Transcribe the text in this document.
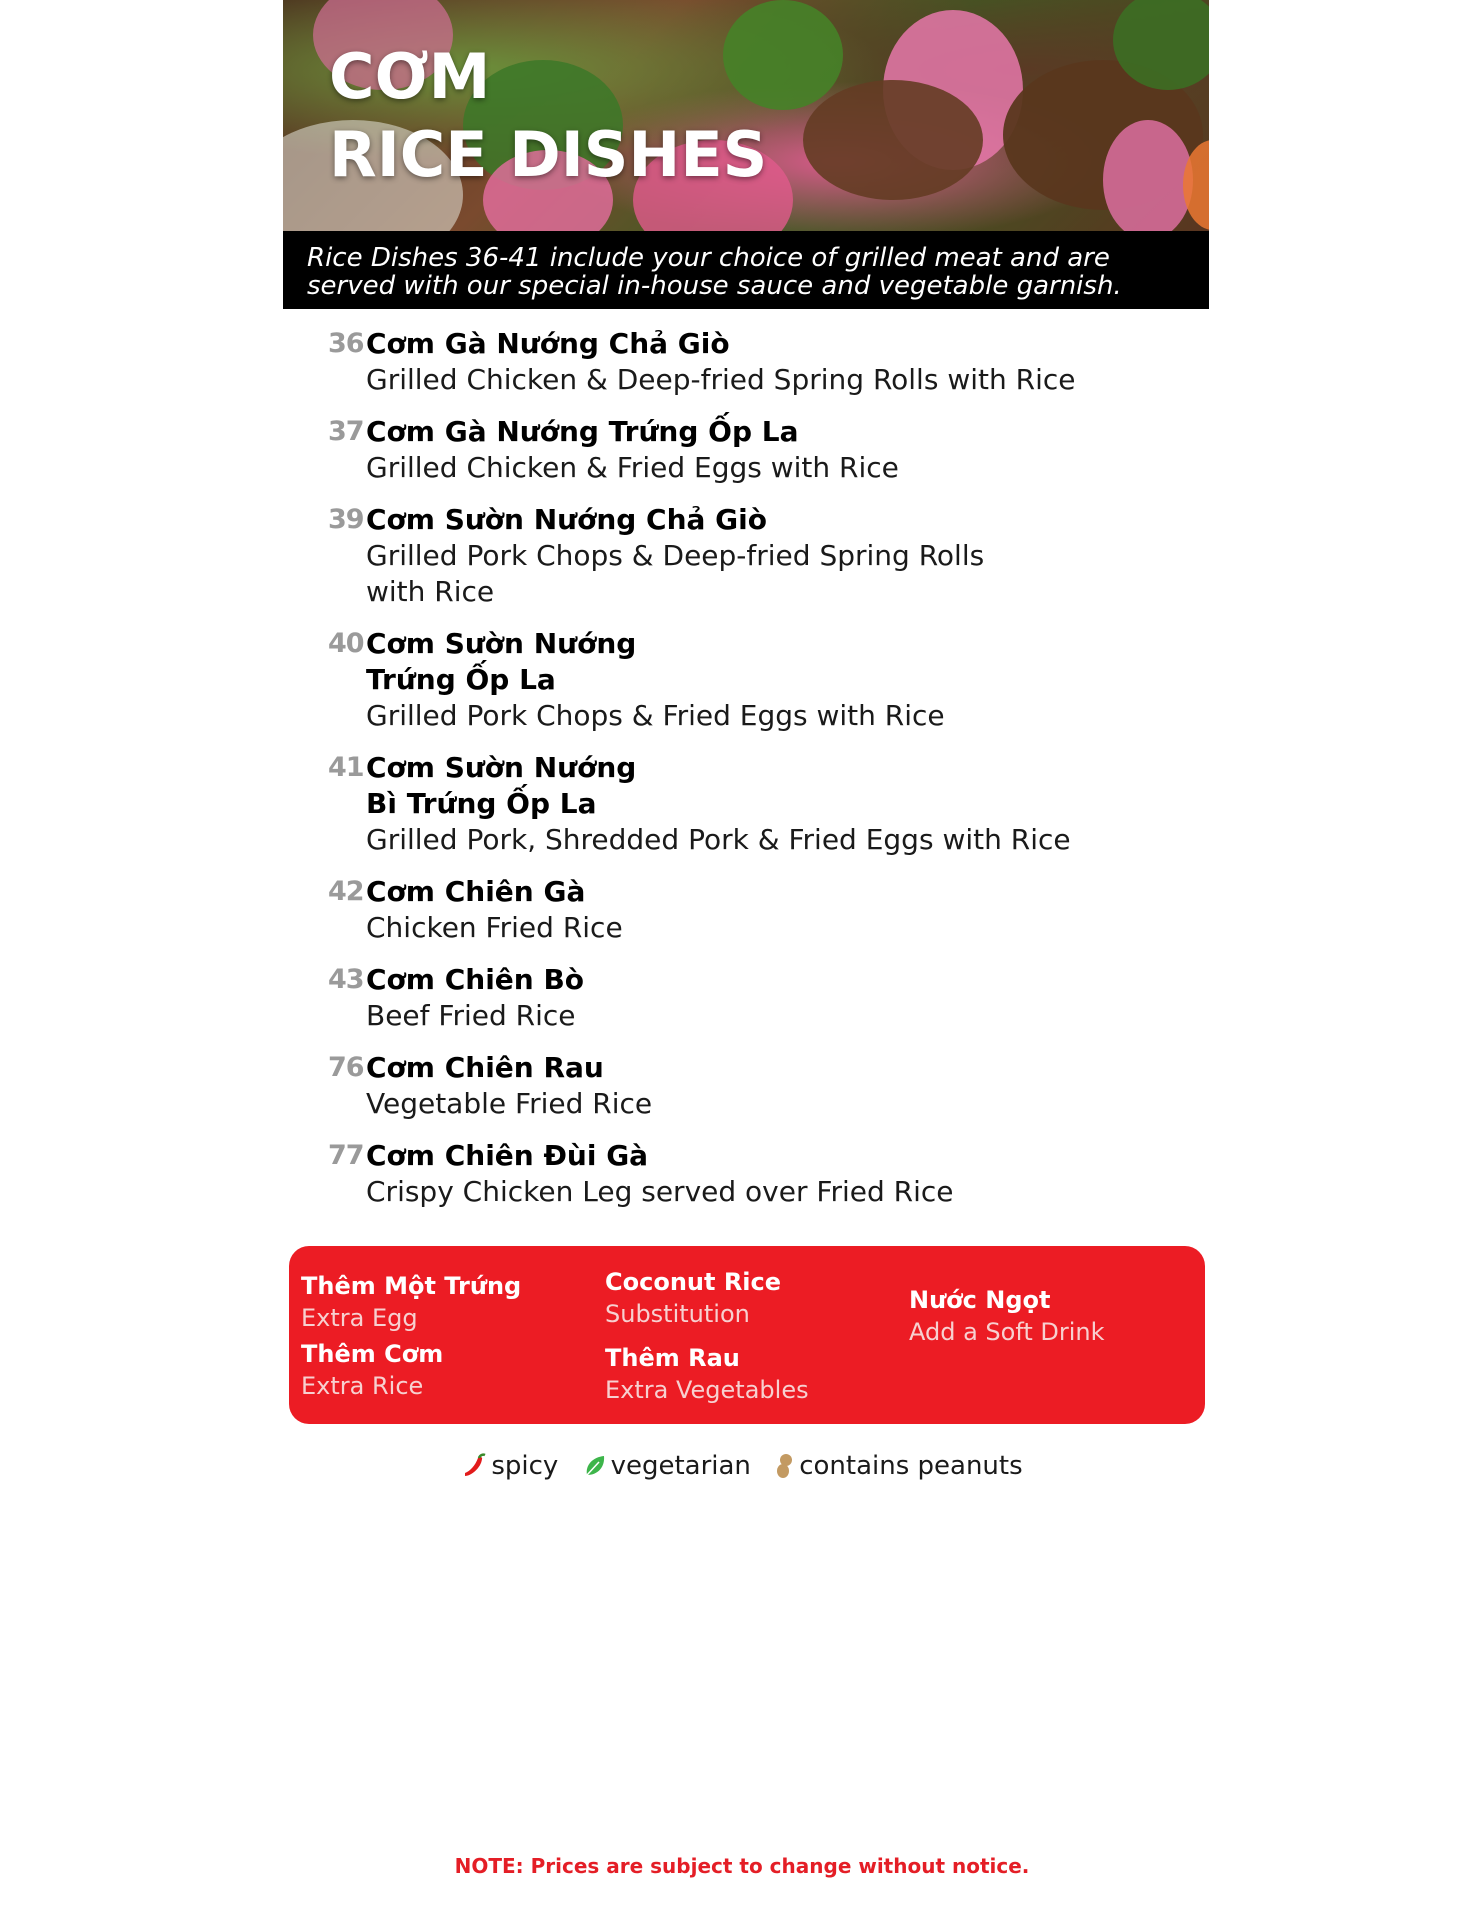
CƠM
RICE DISHES
Rice Dishes 36-41 include your choice of grilled meat and are
served with our special in-house sauce and vegetable garnish.
36 Cơm Gà Nướng Chả Giò
Grilled Chicken & Deep-fried Spring Rolls with Rice
37 Cơm Gà Nướng Trứng Ốp La
Grilled Chicken & Fried Eggs with Rice
39 Cơm Sườn Nướng Chả Giò
Grilled Pork Chops & Deep-fried Spring Rolls with Rice
40 Cơm Sườn Nướng Trứng Ốp La
Grilled Pork Chops & Fried Eggs with Rice
41 Cơm Sườn Nướng Bì Trứng Ốp La
Grilled Pork, Shredded Pork & Fried Eggs with Rice
42 Cơm Chiên Gà
Chicken Fried Rice
43 Cơm Chiên Bò
Beef Fried Rice
76 Cơm Chiên Rau
Vegetable Fried Rice
77 Cơm Chiên Đùi Gà
Crispy Chicken Leg served over Fried Rice
Thêm Một Trứng
Extra Egg
Thêm Cơm
Extra Rice
Coconut Rice
Substitution
Thêm Rau
Extra Vegetables
Nước Ngọt
Add a Soft Drink
spicy vegetarian contains peanuts
NOTE: Prices are subject to change without notice.
